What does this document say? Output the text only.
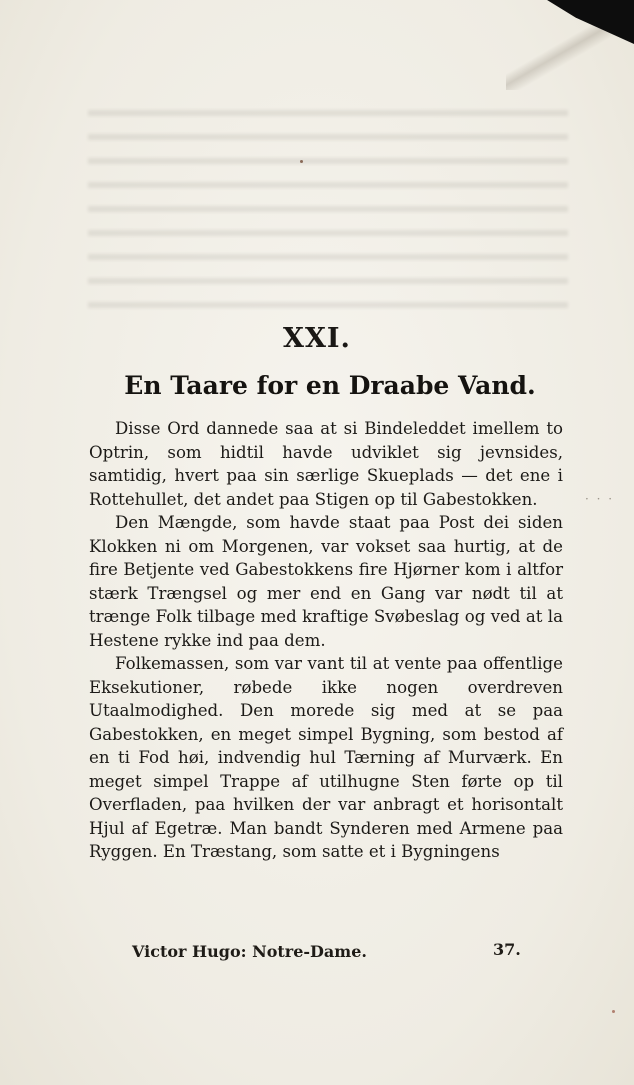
XXI.
En Taare for en Draabe Vand.

Disse Ord dannede saa at si Bindeleddet imellem to Optrin, som hidtil havde udviklet sig jevnsides, samtidig, hvert paa sin særlige Skueplads — det ene i Rottehullet, det andet paa Stigen op til Gabestokken.

Den Mængde, som havde staat paa Post dei siden Klokken ni om Morgenen, var vokset saa hurtig, at de fire Betjente ved Gabestokkens fire Hjørner kom i altfor stærk Trængsel og mer end en Gang var nødt til at trænge Folk tilbage med kraftige Svøbeslag og ved at la Hestene rykke ind paa dem.

Folkemassen, som var vant til at vente paa offentlige Eksekutioner, røbede ikke nogen overdreven Utaalmodighed. Den morede sig med at se paa Gabestokken, en meget simpel Bygning, som bestod af en ti Fod høi, indvendig hul Tærning af Murværk. En meget simpel Trappe af utilhugne Sten førte op til Overfladen, paa hvilken der var anbragt et horisontalt Hjul af Egetræ. Man bandt Synderen med Armene paa Ryggen. En Træstang, som satte et i Bygningens

· · ·
Victor Hugo: Notre-Dame.	37.
